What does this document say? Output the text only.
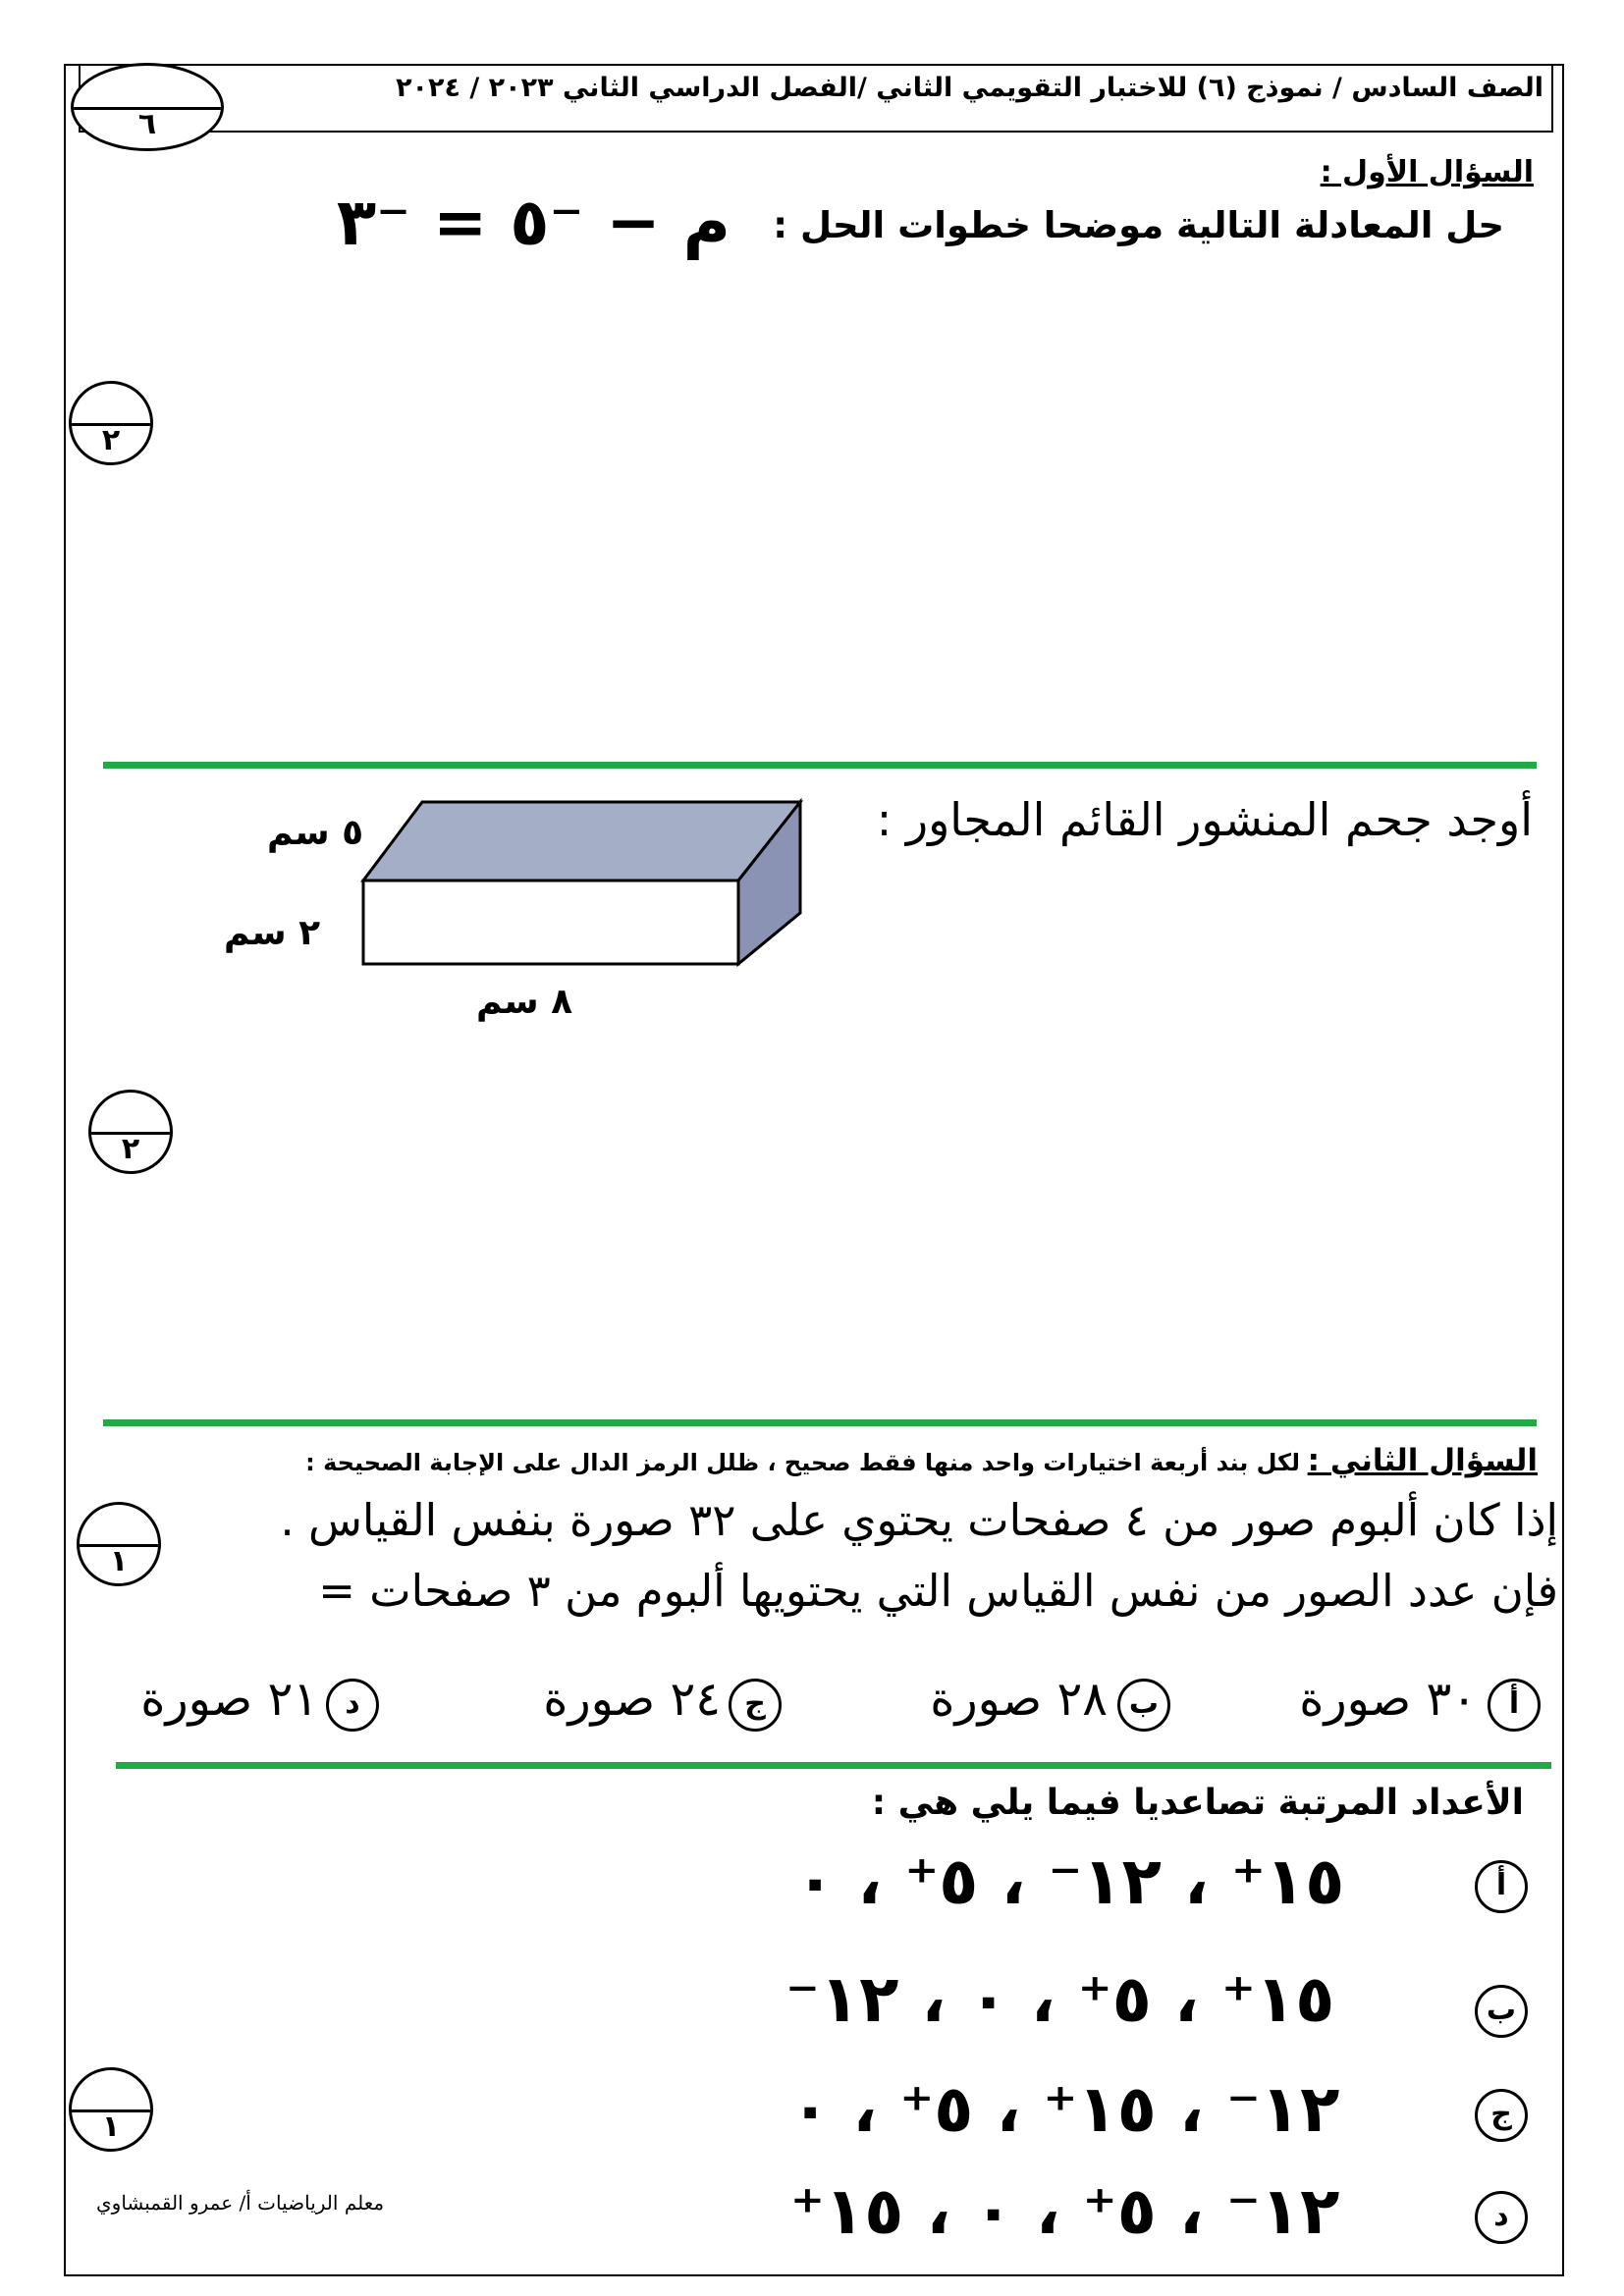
الصف السادس / نموذج (٦) للاختبار التقويمي الثاني /الفصل الدراسي الثاني ٢٠٢٣ / ٢٠٢٤
٦
السؤال الأول :
حل المعادلة التالية موضحا خطوات الحل :
م − ⁻٥ = ⁻٣
٢
أوجد جحم المنشور القائم المجاور :
٥ سم
٢ سم
٨ سم
٢
السؤال الثاني :
لكل بند أربعة اختيارات واحد منها فقط صحيح ، ظلل الرمز الدال على الإجابة الصحيحة :
إذا كان ألبوم صور من ٤ صفحات يحتوي على ٣٢ صورة بنفس القياس .
فإن عدد الصور من نفس القياس التي يحتويها ألبوم من ٣ صفحات =
١
أ
٣٠ صورة
ب
٢٨ صورة
ج
٢٤ صورة
د
٢١ صورة
الأعداد المرتبة تصاعديا فيما يلي هي :
أ
١٥⁺ ، ١٢⁻ ، ٥⁺ ، ٠
ب
١٥⁺ ، ٥⁺ ، ٠ ، ١٢⁻
ج
١٢⁻ ، ١٥⁺ ، ٥⁺ ، ٠
د
١٢⁻ ، ٥⁺ ، ٠ ، ١٥⁺
١
معلم الرياضيات أ/ عمرو القمبشاوي
